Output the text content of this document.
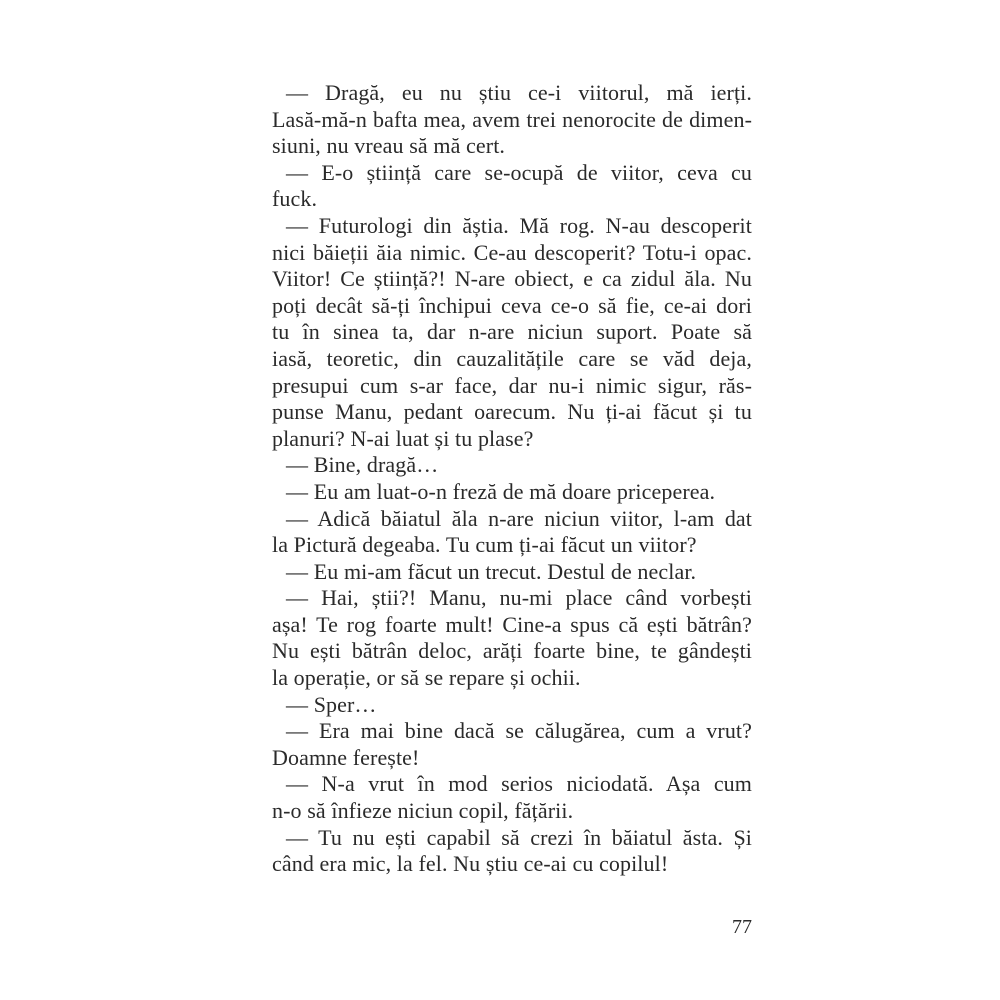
— Dragă, eu nu știu ce-i viitorul, mă ierți.
Lasă-mă-n bafta mea, avem trei nenorocite de dimen-
siuni, nu vreau să mă cert.
— E-o știință care se-ocupă de viitor, ceva cu
fuck.
— Futurologi din ăștia. Mă rog. N-au descoperit
nici băieții ăia nimic. Ce-au descoperit? Totu-i opac.
Viitor! Ce știință?! N-are obiect, e ca zidul ăla. Nu
poți decât să-ți închipui ceva ce-o să fie, ce-ai dori
tu în sinea ta, dar n-are niciun suport. Poate să
iasă, teoretic, din cauzalitățile care se văd deja,
presupui cum s-ar face, dar nu-i nimic sigur, răs-
punse Manu, pedant oarecum. Nu ți-ai făcut și tu
planuri? N-ai luat și tu plase?
— Bine, dragă…
— Eu am luat-o-n freză de mă doare priceperea.
— Adică băiatul ăla n-are niciun viitor, l-am dat
la Pictură degeaba. Tu cum ți-ai făcut un viitor?
— Eu mi-am făcut un trecut. Destul de neclar.
— Hai, știi?! Manu, nu-mi place când vorbești
așa! Te rog foarte mult! Cine-a spus că ești bătrân?
Nu ești bătrân deloc, arăți foarte bine, te gândești
la operație, or să se repare și ochii.
— Sper…
— Era mai bine dacă se călugărea, cum a vrut?
Doamne ferește!
— N-a vrut în mod serios niciodată. Așa cum
n-o să înfieze niciun copil, fățării.
— Tu nu ești capabil să crezi în băiatul ăsta. Și
când era mic, la fel. Nu știu ce-ai cu copilul!
77
